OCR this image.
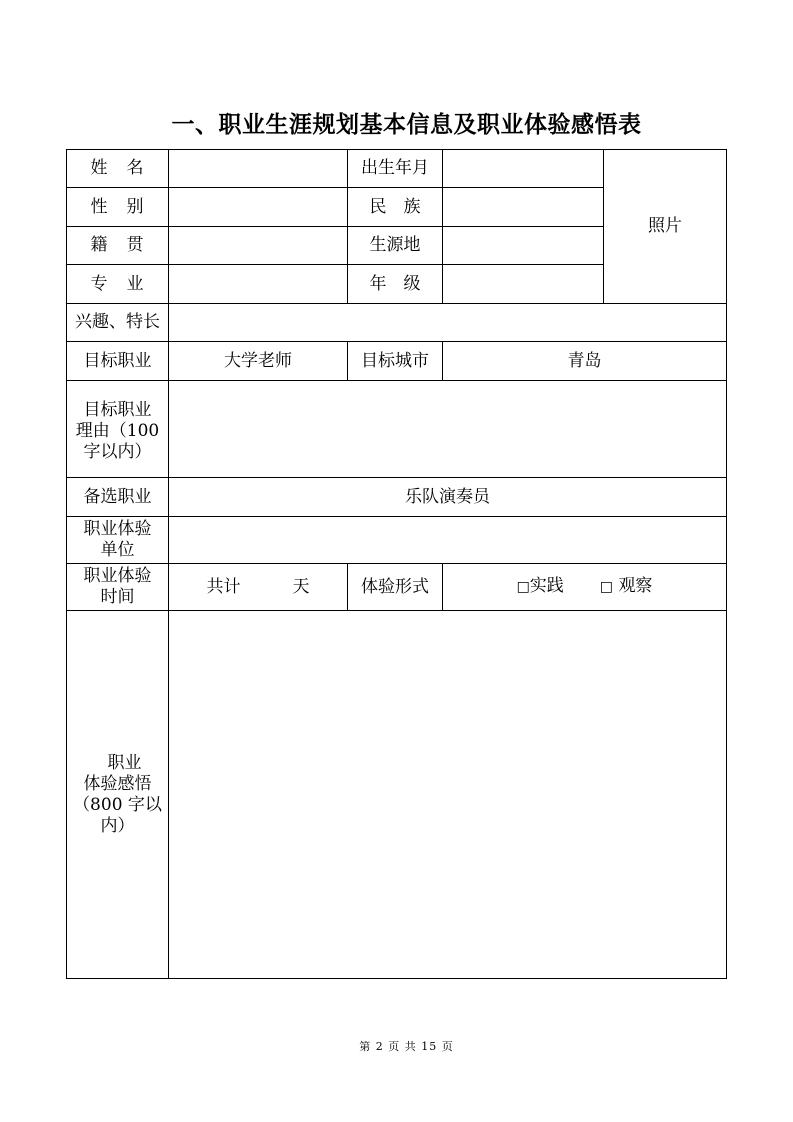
一、职业生涯规划基本信息及职业体验感悟表
姓　名	出生年月
性　别	民　族
籍　贯	生源地
专　业	年　级
照片
兴趣、特长
目标职业	大学老师	目标城市	青岛
目标职业
理由（100
字以内）
备选职业	乐队演奏员
职业体验
单位
职业体验
时间
共计	天	体验形式	□实践	□ 观察
职业
体验感悟
（800 字以
内）
第 2 页 共 15 页
